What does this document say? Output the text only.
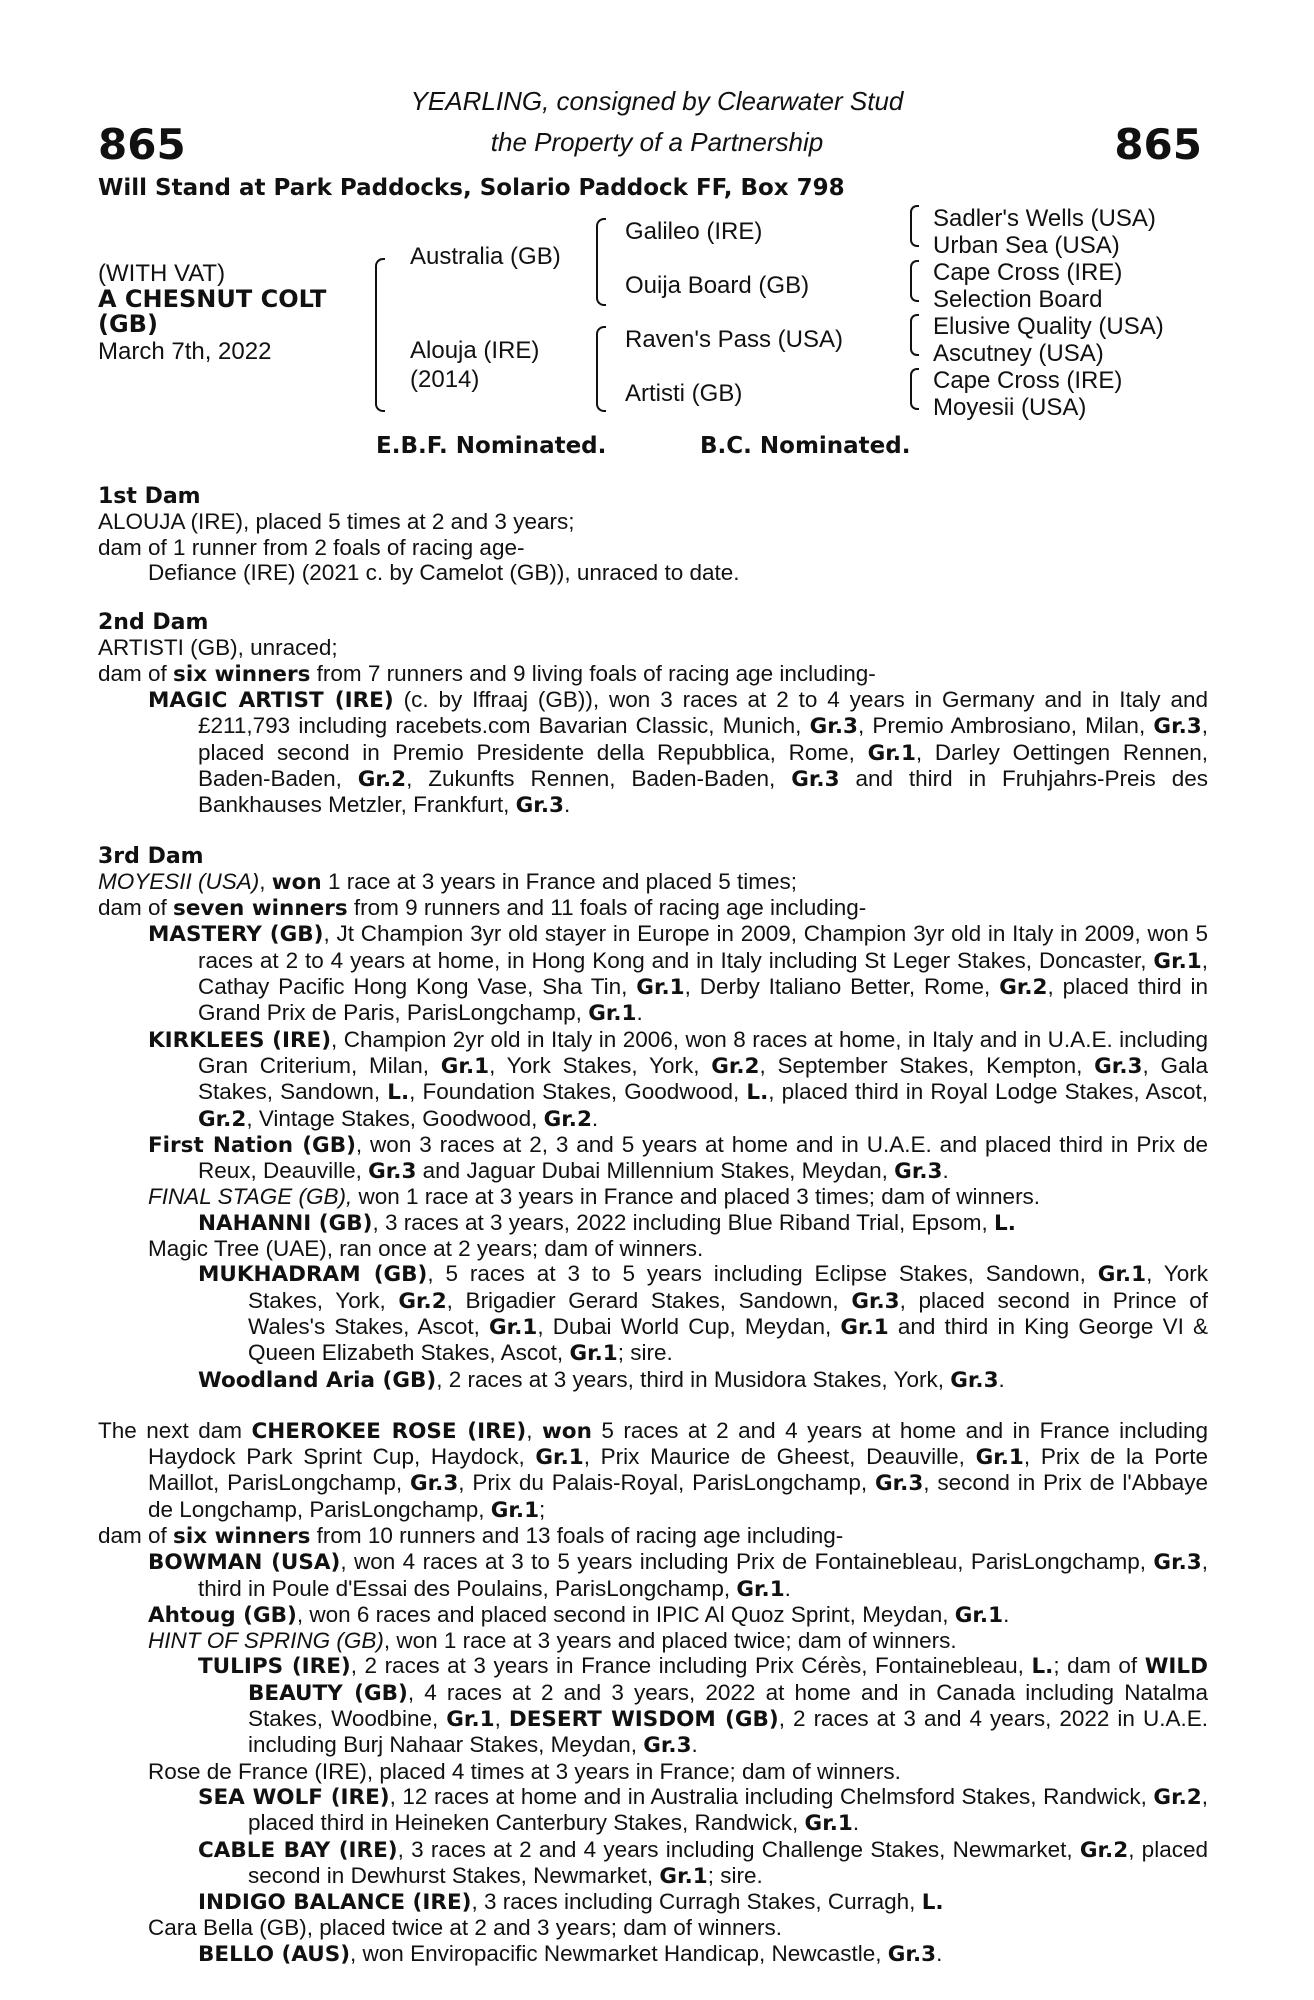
865	865
YEARLING, consigned by Clearwater Stud
the Property of a Partnership
Will Stand at Park Paddocks, Solario Paddock FF, Box 798
(WITH VAT)
A CHESNUT COLT
(GB)
March 7th, 2022
Australia (GB)
Alouja (IRE)
(2014)
Galileo (IRE)
Ouija Board (GB)
Raven's Pass (USA)
Artisti (GB)
Sadler's Wells (USA)
Urban Sea (USA)
Cape Cross (IRE)
Selection Board
Elusive Quality (USA)
Ascutney (USA)
Cape Cross (IRE)
Moyesii (USA)
E.B.F. Nominated.	B.C. Nominated.

1st Dam

ALOUJA (IRE), placed 5 times at 2 and 3 years;

dam of 1 runner from 2 foals of racing age-

Defiance (IRE) (2021 c. by Camelot (GB)), unraced to date.

2nd Dam

ARTISTI (GB), unraced;

dam of six winners from 7 runners and 9 living foals of racing age including-

MAGIC ARTIST (IRE) (c. by Iffraaj (GB)), won 3 races at 2 to 4 years in Germany and in Italy and £211,793 including racebets.com Bavarian Classic, Munich, Gr.3, Premio Ambrosiano, Milan, Gr.3, placed second in Premio Presidente della Repubblica, Rome, Gr.1, Darley Oettingen Rennen, Baden-Baden, Gr.2, Zukunfts Rennen, Baden-Baden, Gr.3 and third in Fruhjahrs-Preis des Bankhauses Metzler, Frankfurt, Gr.3.

3rd Dam

MOYESII (USA), won 1 race at 3 years in France and placed 5 times;

dam of seven winners from 9 runners and 11 foals of racing age including-

MASTERY (GB), Jt Champion 3yr old stayer in Europe in 2009, Champion 3yr old in Italy in 2009, won 5 races at 2 to 4 years at home, in Hong Kong and in Italy including St Leger Stakes, Doncaster, Gr.1, Cathay Pacific Hong Kong Vase, Sha Tin, Gr.1, Derby Italiano Better, Rome, Gr.2, placed third in Grand Prix de Paris, ParisLongchamp, Gr.1.

KIRKLEES (IRE), Champion 2yr old in Italy in 2006, won 8 races at home, in Italy and in U.A.E. including Gran Criterium, Milan, Gr.1, York Stakes, York, Gr.2, September Stakes, Kempton, Gr.3, Gala Stakes, Sandown, L., Foundation Stakes, Goodwood, L., placed third in Royal Lodge Stakes, Ascot, Gr.2, Vintage Stakes, Goodwood, Gr.2.

First Nation (GB), won 3 races at 2, 3 and 5 years at home and in U.A.E. and placed third in Prix de Reux, Deauville, Gr.3 and Jaguar Dubai Millennium Stakes, Meydan, Gr.3.

FINAL STAGE (GB), won 1 race at 3 years in France and placed 3 times; dam of winners.

NAHANNI (GB), 3 races at 3 years, 2022 including Blue Riband Trial, Epsom, L.

Magic Tree (UAE), ran once at 2 years; dam of winners.

MUKHADRAM (GB), 5 races at 3 to 5 years including Eclipse Stakes, Sandown, Gr.1, York Stakes, York, Gr.2, Brigadier Gerard Stakes, Sandown, Gr.3, placed second in Prince of Wales's Stakes, Ascot, Gr.1, Dubai World Cup, Meydan, Gr.1 and third in King George VI & Queen Elizabeth Stakes, Ascot, Gr.1; sire.

Woodland Aria (GB), 2 races at 3 years, third in Musidora Stakes, York, Gr.3.

The next dam CHEROKEE ROSE (IRE), won 5 races at 2 and 4 years at home and in France including Haydock Park Sprint Cup, Haydock, Gr.1, Prix Maurice de Gheest, Deauville, Gr.1, Prix de la Porte Maillot, ParisLongchamp, Gr.3, Prix du Palais-Royal, ParisLongchamp, Gr.3, second in Prix de l'Abbaye de Longchamp, ParisLongchamp, Gr.1;

dam of six winners from 10 runners and 13 foals of racing age including-

BOWMAN (USA), won 4 races at 3 to 5 years including Prix de Fontainebleau, ParisLongchamp, Gr.3, third in Poule d'Essai des Poulains, ParisLongchamp, Gr.1.

Ahtoug (GB), won 6 races and placed second in IPIC Al Quoz Sprint, Meydan, Gr.1.

HINT OF SPRING (GB), won 1 race at 3 years and placed twice; dam of winners.

TULIPS (IRE), 2 races at 3 years in France including Prix Cérès, Fontainebleau, L.; dam of WILD BEAUTY (GB), 4 races at 2 and 3 years, 2022 at home and in Canada including Natalma Stakes, Woodbine, Gr.1, DESERT WISDOM (GB), 2 races at 3 and 4 years, 2022 in U.A.E. including Burj Nahaar Stakes, Meydan, Gr.3.

Rose de France (IRE), placed 4 times at 3 years in France; dam of winners.

SEA WOLF (IRE), 12 races at home and in Australia including Chelmsford Stakes, Randwick, Gr.2, placed third in Heineken Canterbury Stakes, Randwick, Gr.1.

CABLE BAY (IRE), 3 races at 2 and 4 years including Challenge Stakes, Newmarket, Gr.2, placed second in Dewhurst Stakes, Newmarket, Gr.1; sire.

INDIGO BALANCE (IRE), 3 races including Curragh Stakes, Curragh, L.

Cara Bella (GB), placed twice at 2 and 3 years; dam of winners.

BELLO (AUS), won Enviropacific Newmarket Handicap, Newcastle, Gr.3.
